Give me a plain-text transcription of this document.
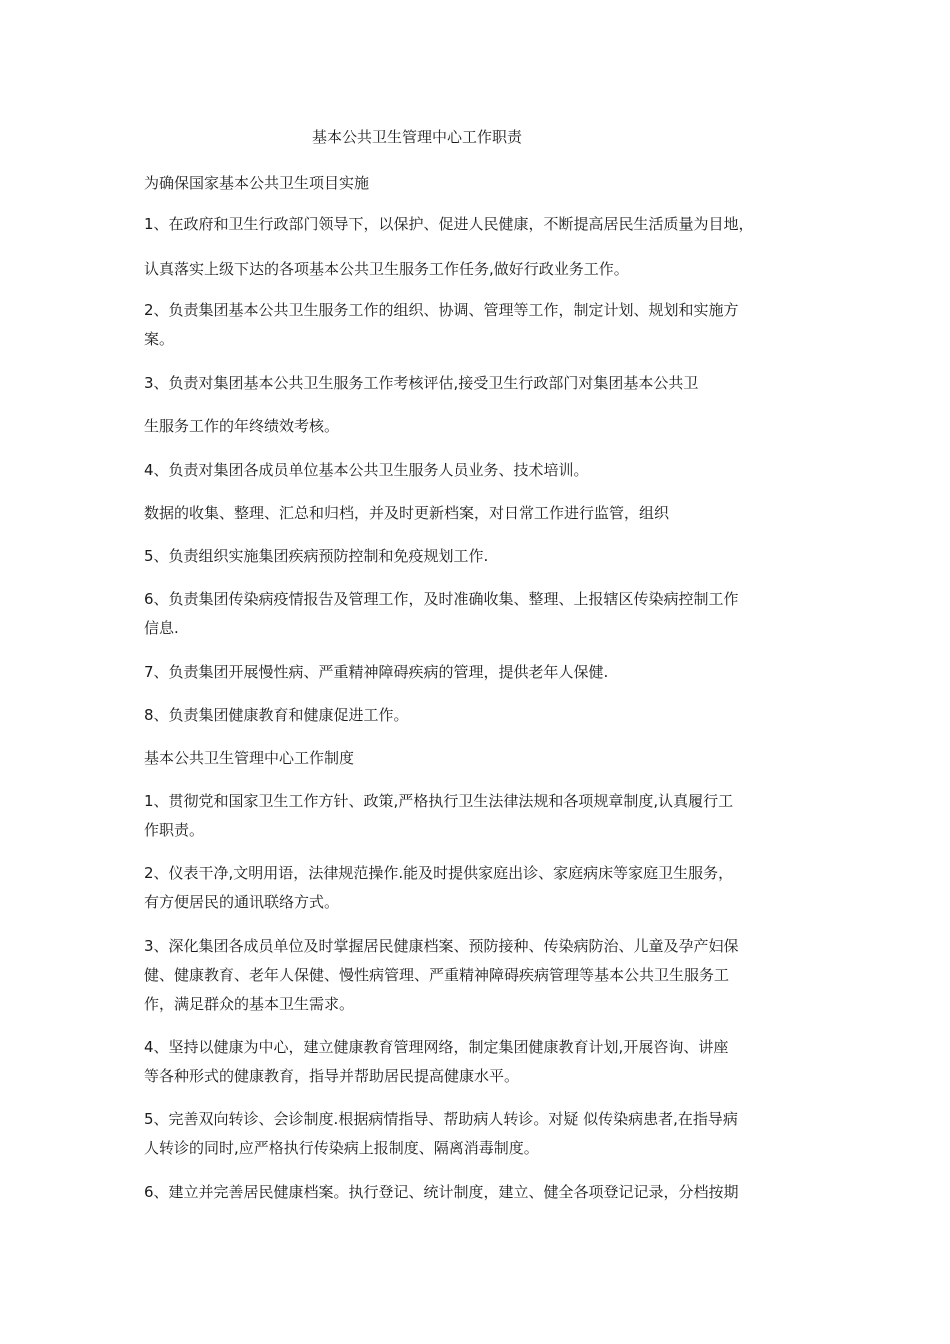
基本公共卫生管理中心工作职责

为确保国家基本公共卫生项目实施

1、在政府和卫生行政部门领导下，以保护、促进人民健康，不断提高居民生活质量为目地，

认真落实上级下达的各项基本公共卫生服务工作任务,做好行政业务工作。

2、负责集团基本公共卫生服务工作的组织、协调、管理等工作，制定计划、规划和实施方

案。

3、负责对集团基本公共卫生服务工作考核评估,接受卫生行政部门对集团基本公共卫

生服务工作的年终绩效考核。

4、负责对集团各成员单位基本公共卫生服务人员业务、技术培训。

数据的收集、整理、汇总和归档，并及时更新档案，对日常工作进行监管，组织

5、负责组织实施集团疾病预防控制和免疫规划工作.

6、负责集团传染病疫情报告及管理工作，及时准确收集、整理、上报辖区传染病控制工作

信息.

7、负责集团开展慢性病、严重精神障碍疾病的管理，提供老年人保健.

8、负责集团健康教育和健康促进工作。

基本公共卫生管理中心工作制度

1、贯彻党和国家卫生工作方针、政策,严格执行卫生法律法规和各项规章制度,认真履行工

作职责。

2、仪表干净,文明用语，法律规范操作.能及时提供家庭出诊、家庭病床等家庭卫生服务，

有方便居民的通讯联络方式。

3、深化集团各成员单位及时掌握居民健康档案、预防接种、传染病防治、儿童及孕产妇保

健、健康教育、老年人保健、慢性病管理、严重精神障碍疾病管理等基本公共卫生服务工

作，满足群众的基本卫生需求。

4、坚持以健康为中心，建立健康教育管理网络，制定集团健康教育计划,开展咨询、讲座

等各种形式的健康教育，指导并帮助居民提高健康水平。

5、完善双向转诊、会诊制度.根据病情指导、帮助病人转诊。对疑 似传染病患者,在指导病

人转诊的同时,应严格执行传染病上报制度、隔离消毒制度。

6、建立并完善居民健康档案。执行登记、统计制度，建立、健全各项登记记录，分档按期
